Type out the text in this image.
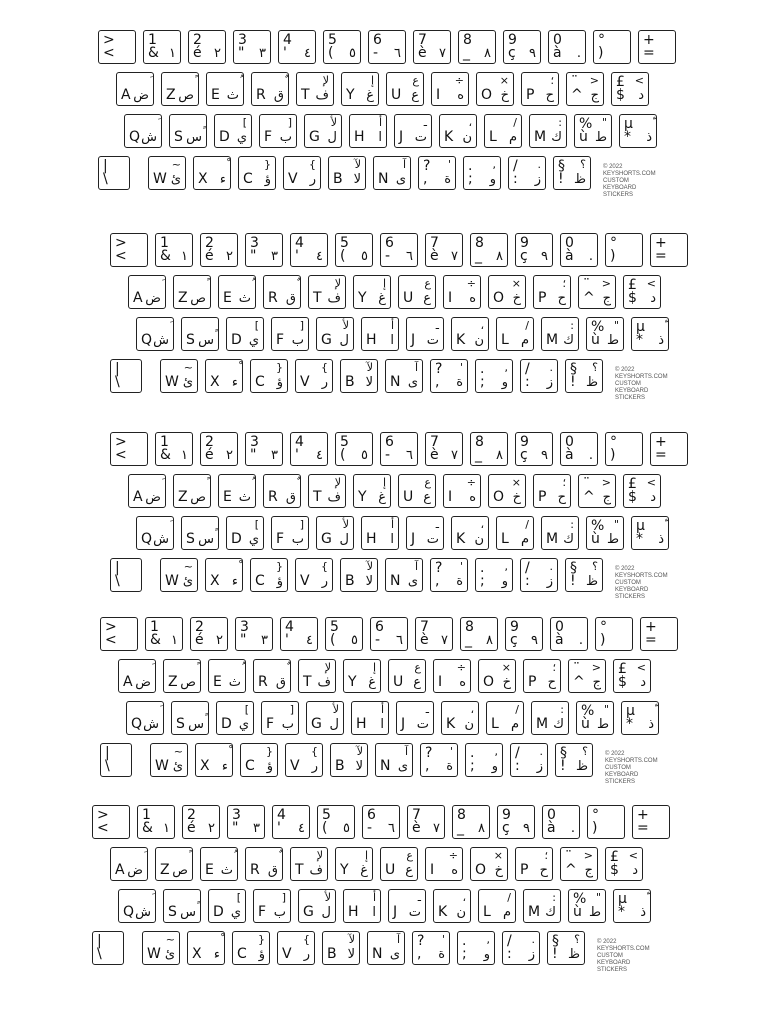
>
<
1
& ١
2
é ٢
3
" ٣
4
' ٤
5
( ٥
6
- ٦
7
è ٧
8
_ ٨
9
ç ٩
0
à .
°
)
+
=
A ض Z ص E ث R ق T
لإ
ف Y
إ
غ U
ع
ع I
÷
ه O
×
خ P
؛
ح
¨
^
<
ج
£
$
>
د
Q ش S س D
]
ي F
[
ب G
لأ
ل H
أ
ا J
ـ
ت K
،
ن L
/
م M
:
ك
%
ù
"
ط
µ
* ذ
|
\	W
~
ئ X ء C
{
ؤ V
}
ر B
لآ
لا N
آ
ى
?
,
'
ة
.
;
,
و
/
:
.
ز
§
!
؟
ظ
© 2022 KEYSHORTS.COM
CUSTOM KEYBOARD
STICKERS
>
<
1
& ١
2
é ٢
3
" ٣
4
' ٤
5
( ٥
6
- ٦
7
è ٧
8
_ ٨
9
ç ٩
0
à .
°
)
+
=
A ض Z ص E ث R ق T
لإ
ف Y
إ
غ U
ع
ع I
÷
ه O
×
خ P
؛
ح
¨
^
<
ج
£
$
>
د
Q ش S س D
]
ي F
[
ب G
لأ
ل H
أ
ا J
ـ
ت K
،
ن L
/
م M
:
ك
%
ù
"
ط
µ
* ذ
|
\	W
~
ئ X ء C
{
ؤ V
}
ر B
لآ
لا N
آ
ى
?
,
'
ة
.
;
,
و
/
:
.
ز
§
!
؟
ظ
© 2022 KEYSHORTS.COM
CUSTOM KEYBOARD
STICKERS
>
<
1
& ١
2
é ٢
3
" ٣
4
' ٤
5
( ٥
6
- ٦
7
è ٧
8
_ ٨
9
ç ٩
0
à .
°
)
+
=
A ض Z ص E ث R ق T
لإ
ف Y
إ
غ U
ع
ع I
÷
ه O
×
خ P
؛
ح
¨
^
<
ج
£
$
>
د
Q ش S س D
]
ي F
[
ب G
لأ
ل H
أ
ا J
ـ
ت K
،
ن L
/
م M
:
ك
%
ù
"
ط
µ
* ذ
|
\	W
~
ئ X ء C
{
ؤ V
}
ر B
لآ
لا N
آ
ى
?
,
'
ة
.
;
,
و
/
:
.
ز
§
!
؟
ظ
© 2022 KEYSHORTS.COM
CUSTOM KEYBOARD
STICKERS
>
<
1
& ١
2
é ٢
3
" ٣
4
' ٤
5
( ٥
6
- ٦
7
è ٧
8
_ ٨
9
ç ٩
0
à .
°
)
+
=
A ض Z ص E ث R ق T
لإ
ف Y
إ
غ U
ع
ع I
÷
ه O
×
خ P
؛
ح
¨
^
<
ج
£
$
>
د
Q ش S س D
]
ي F
[
ب G
لأ
ل H
أ
ا J
ـ
ت K
،
ن L
/
م M
:
ك
%
ù
"
ط
µ
* ذ
|
\	W
~
ئ X ء C
{
ؤ V
}
ر B
لآ
لا N
آ
ى
?
,
'
ة
.
;
,
و
/
:
.
ز
§
!
؟
ظ
© 2022 KEYSHORTS.COM
CUSTOM KEYBOARD
STICKERS
>
<
1
& ١
2
é ٢
3
" ٣
4
' ٤
5
( ٥
6
- ٦
7
è ٧
8
_ ٨
9
ç ٩
0
à .
°
)
+
=
A ض Z ص E ث R ق T
لإ
ف Y
إ
غ U
ع
ع I
÷
ه O
×
خ P
؛
ح
¨
^
<
ج
£
$
>
د
Q ش S س D
]
ي F
[
ب G
لأ
ل H
أ
ا J
ـ
ت K
،
ن L
/
م M
:
ك
%
ù
"
ط
µ
* ذ
|
\	W
~
ئ X ء C
{
ؤ V
}
ر B
لآ
لا N
آ
ى
?
,
'
ة
.
;
,
و
/
:
.
ز
§
!
؟
ظ
© 2022 KEYSHORTS.COM
CUSTOM KEYBOARD
STICKERS
